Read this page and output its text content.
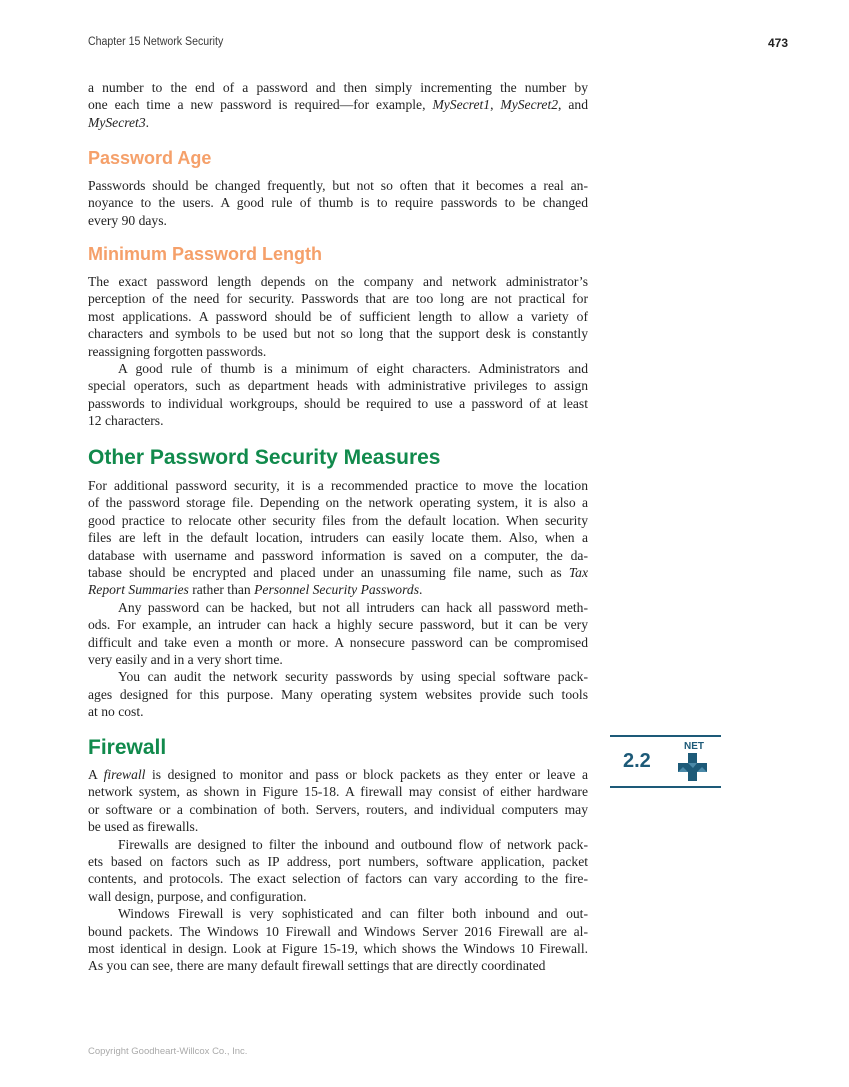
Chapter 15 Network Security	473
a number to the end of a password and then simply incrementing the number by
one each time a new password is required—for example, MySecret1, MySecret2, and
MySecret3.
Password Age
Passwords should be changed frequently, but not so often that it becomes a real an-
noyance to the users. A good rule of thumb is to require passwords to be changed
every 90 days.
Minimum Password Length
The exact password length depends on the company and network administrator’s
perception of the need for security. Passwords that are too long are not practical for
most applications. A password should be of sufficient length to allow a variety of
characters and symbols to be used but not so long that the support desk is constantly
reassigning forgotten passwords.
A good rule of thumb is a minimum of eight characters. Administrators and
special operators, such as department heads with administrative privileges to assign
passwords to individual workgroups, should be required to use a password of at least
12 characters.
Other Password Security Measures
For additional password security, it is a recommended practice to move the location
of the password storage file. Depending on the network operating system, it is also a
good practice to relocate other security files from the default location. When security
files are left in the default location, intruders can easily locate them. Also, when a
database with username and password information is saved on a computer, the da-
tabase should be encrypted and placed under an unassuming file name, such as Tax
Report Summaries rather than Personnel Security Passwords.
Any password can be hacked, but not all intruders can hack all password meth-
ods. For example, an intruder can hack a highly secure password, but it can be very
difficult and take even a month or more. A nonsecure password can be compromised
very easily and in a very short time.
You can audit the network security passwords by using special software pack-
ages designed for this purpose. Many operating system websites provide such tools
at no cost.
Firewall
A firewall is designed to monitor and pass or block packets as they enter or leave a
network system, as shown in Figure 15-18. A firewall may consist of either hardware
or software or a combination of both. Servers, routers, and individual computers may
be used as firewalls.
Firewalls are designed to filter the inbound and outbound flow of network pack-
ets based on factors such as IP address, port numbers, software application, packet
contents, and protocols. The exact selection of factors can vary according to the fire-
wall design, purpose, and configuration.
Windows Firewall is very sophisticated and can filter both inbound and out-
bound packets. The Windows 10 Firewall and Windows Server 2016 Firewall are al-
most identical in design. Look at Figure 15-19, which shows the Windows 10 Firewall.
As you can see, there are many default firewall settings that are directly coordinated
2.2
NET
Copyright Goodheart-Willcox Co., Inc.
